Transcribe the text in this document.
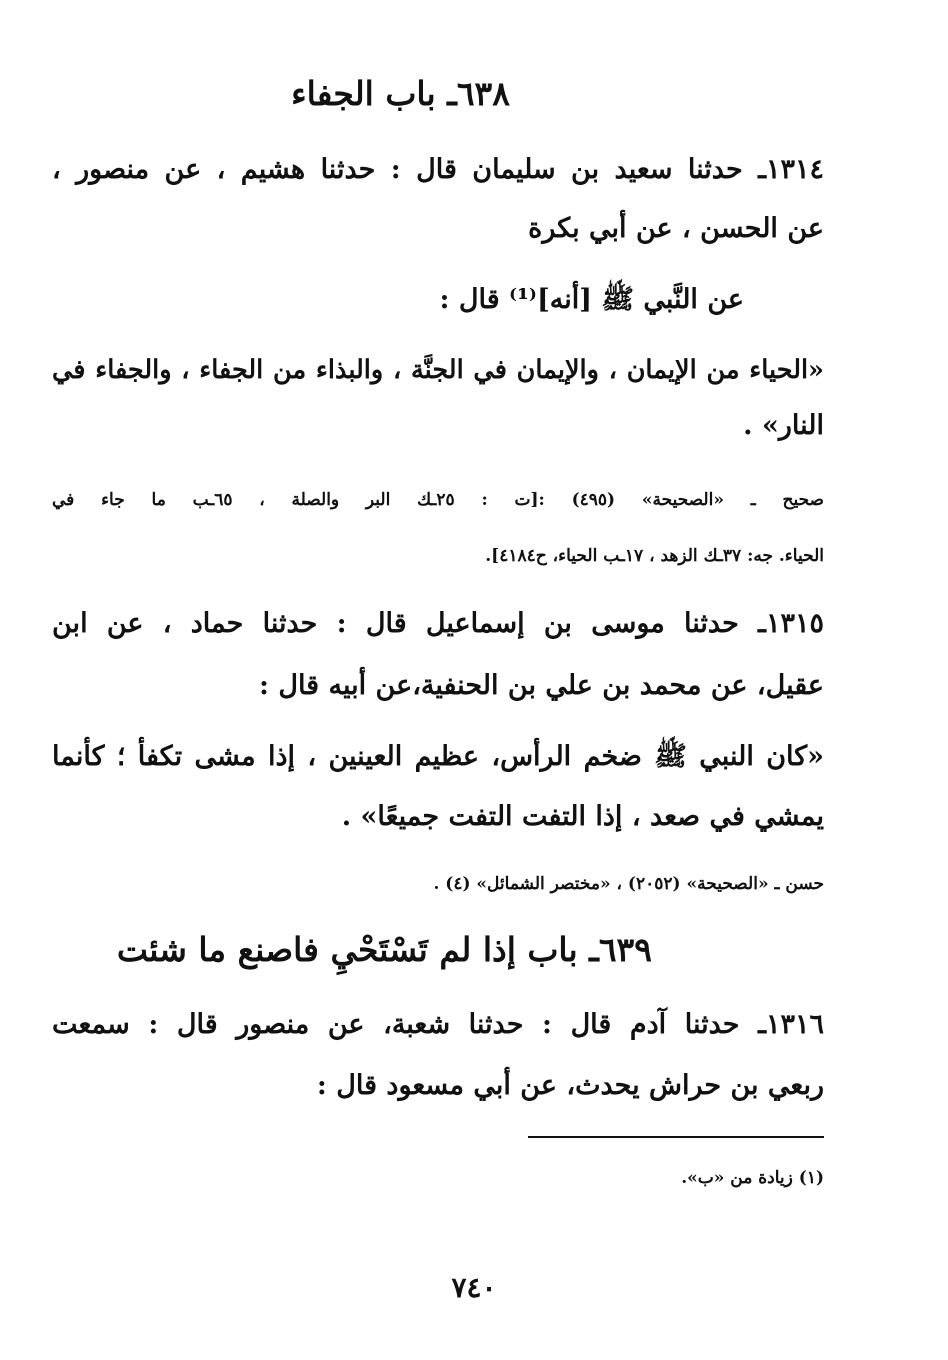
٦٣٨ـ باب الجفاء
١٣١٤ـ حدثنا سعيد بن سليمان قال : حدثنا هشيم ، عن منصور ،
عن الحسن ، عن أبي بكرة
عن النَّبي ﷺ [أنه]⁽¹⁾ قال :
«الحياء من الإيمان ، والإيمان في الجنَّة ، والبذاء من الجفاء ، والجفاء في
النار» .
صحيح ـ «الصحيحة» (٤٩٥) :[ت : ٢٥ـك البر والصلة ، ٦٥ـب ما جاء في
الحياء. جه: ٣٧ـك الزهد ، ١٧ـب الحياء، ح٤١٨٤].
١٣١٥ـ حدثنا موسى بن إسماعيل قال : حدثنا حماد ، عن ابن
عقيل، عن محمد بن علي بن الحنفية،عن أبيه قال :
«كان النبي ﷺ ضخم الرأس، عظيم العينين ، إذا مشى تكفأ ؛ كأنما
يمشي في صعد ، إذا التفت التفت جميعًا» .
حسن ـ «الصحيحة» (٢٠٥٢) ، «مختصر الشمائل» (٤) .
٦٣٩ـ باب إذا لم تَسْتَحْيِ فاصنع ما شئت
١٣١٦ـ حدثنا آدم قال : حدثنا شعبة، عن منصور قال : سمعت
ربعي بن حراش يحدث، عن أبي مسعود قال :
(١) زيادة من «ب».
٧٤٠
